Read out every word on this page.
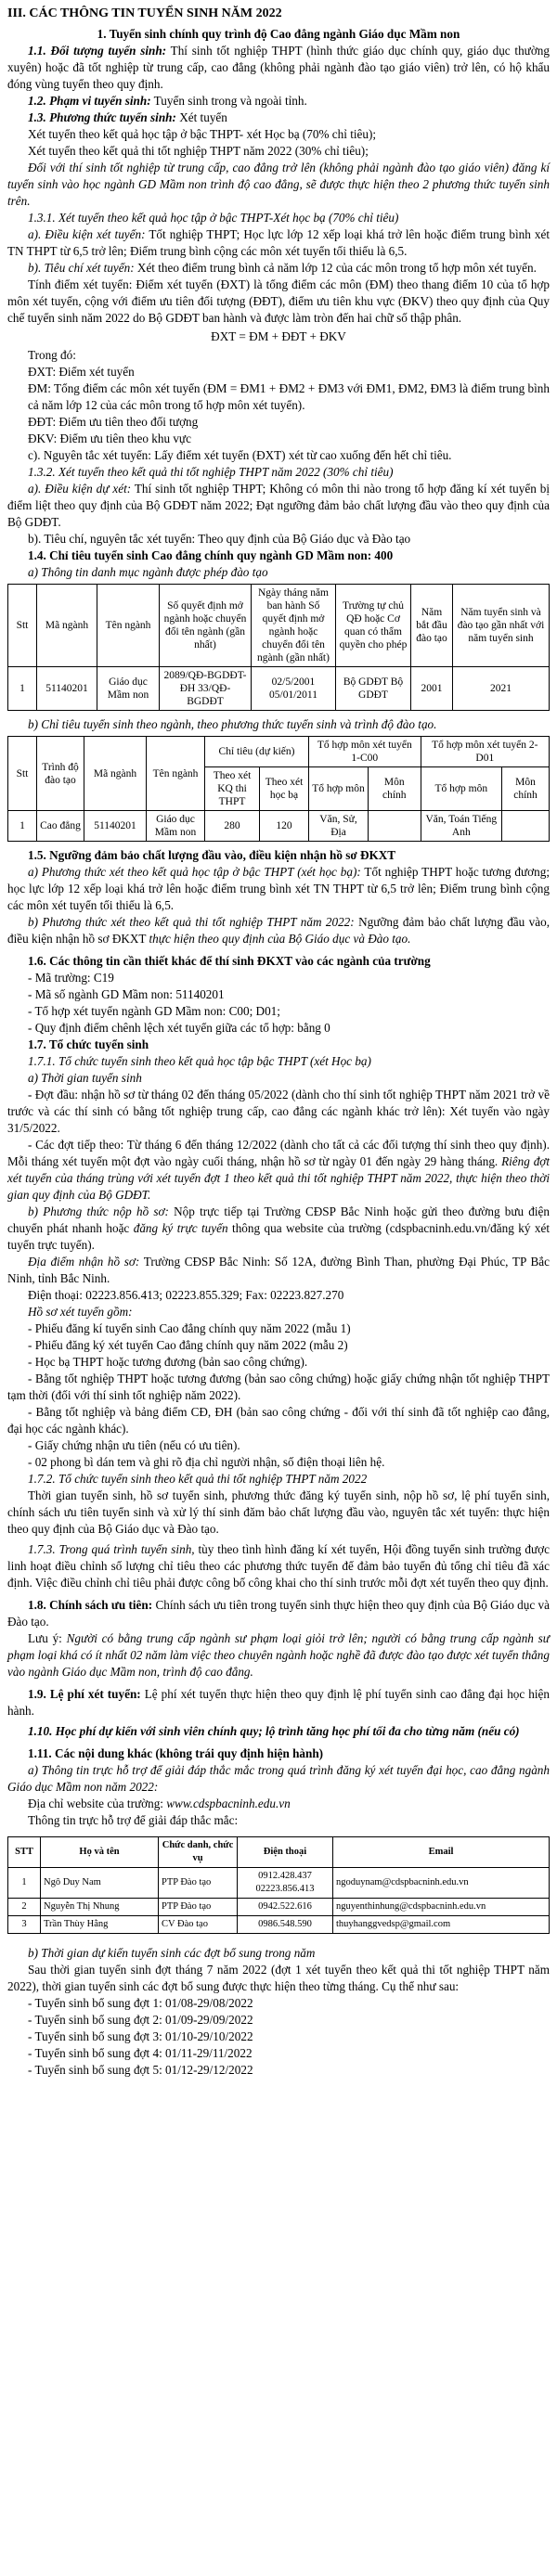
III. CÁC THÔNG TIN TUYỂN SINH NĂM 2022

1. Tuyển sinh chính quy trình độ Cao đẳng ngành Giáo dục Mầm non

1.1. Đối tượng tuyển sinh: Thí sinh tốt nghiệp THPT (hình thức giáo dục chính quy, giáo dục thường xuyên) hoặc đã tốt nghiệp từ trung cấp, cao đẳng (không phải ngành đào tạo giáo viên) trở lên, có hộ khẩu đóng vùng tuyển theo quy định.

1.2. Phạm vi tuyển sinh: Tuyển sinh trong và ngoài tỉnh.

1.3. Phương thức tuyển sinh: Xét tuyển

Xét tuyển theo kết quả học tập ở bậc THPT- xét Học bạ (70% chỉ tiêu);

Xét tuyển theo kết quả thi tốt nghiệp THPT năm 2022 (30% chỉ tiêu);

Đối với thí sinh tốt nghiệp từ trung cấp, cao đẳng trở lên (không phải ngành đào tạo giáo viên) đăng kí tuyển sinh vào học ngành GD Mầm non trình độ cao đẳng, sẽ được thực hiện theo 2 phương thức tuyển sinh trên.

1.3.1. Xét tuyển theo kết quả học tập ở bậc THPT-Xét học bạ (70% chỉ tiêu)

a). Điều kiện xét tuyển: Tốt nghiệp THPT; Học lực lớp 12 xếp loại khá trở lên hoặc điểm trung bình xét TN THPT từ 6,5 trở lên; Điểm trung bình cộng các môn xét tuyển tối thiểu là 6,5.

b). Tiêu chí xét tuyển: Xét theo điểm trung bình cả năm lớp 12 của các môn trong tổ hợp môn xét tuyển.

Tính điểm xét tuyển: Điểm xét tuyển (ĐXT) là tổng điểm các môn (ĐM) theo thang điểm 10 của tổ hợp môn xét tuyển, cộng với điểm ưu tiên đối tượng (ĐĐT), điểm ưu tiên khu vực (ĐKV) theo quy định của Quy chế tuyển sinh năm 2022 do Bộ GDĐT ban hành và được làm tròn đến hai chữ số thập phân.

ĐXT = ĐM + ĐĐT + ĐKV

Trong đó:

ĐXT: Điểm xét tuyển

ĐM: Tổng điểm các môn xét tuyển (ĐM = ĐM1 + ĐM2 + ĐM3 với ĐM1, ĐM2, ĐM3 là điểm trung bình cả năm lớp 12 của các môn trong tổ hợp môn xét tuyển).

ĐĐT: Điểm ưu tiên theo đối tượng

ĐKV: Điểm ưu tiên theo khu vực

c). Nguyên tắc xét tuyển: Lấy điểm xét tuyển (ĐXT) xét từ cao xuống đến hết chỉ tiêu.

1.3.2. Xét tuyển theo kết quả thi tốt nghiệp THPT năm 2022 (30% chỉ tiêu)

a). Điều kiện dự xét: Thí sinh tốt nghiệp THPT; Không có môn thi nào trong tổ hợp đăng kí xét tuyển bị điểm liệt theo quy định của Bộ GDĐT năm 2022; Đạt ngưỡng đảm bảo chất lượng đầu vào theo quy định của Bộ GDĐT.

b). Tiêu chí, nguyên tắc xét tuyển: Theo quy định của Bộ Giáo dục và Đào tạo

1.4. Chỉ tiêu tuyển sinh Cao đẳng chính quy ngành GD Mầm non: 400

a) Thông tin danh mục ngành được phép đào tạo

Stt	Mã ngành	Tên ngành	Số quyết định mở ngành hoặc chuyển đổi tên ngành (gần nhất)	Ngày tháng năm ban hành Số quyết định mở ngành hoặc chuyển đổi tên ngành (gần nhất)	Trường tự chủ QĐ hoặc Cơ quan có thẩm quyền cho phép	Năm bắt đầu đào tạo	Năm tuyển sinh và đào tạo gần nhất với năm tuyển sinh
1	51140201	Giáo dục Mầm non	2089/QĐ-BGDĐT-ĐH 33/QĐ-BGDĐT	02/5/2001 05/01/2011	Bộ GDĐT Bộ GDĐT	2001	2021

b) Chỉ tiêu tuyển sinh theo ngành, theo phương thức tuyển sinh và trình độ đào tạo.

Stt	Trình độ đào tạo	Mã ngành	Tên ngành	Chỉ tiêu (dự kiến)		Tổ hợp môn xét tuyển 1-C00		Tổ hợp môn xét tuyển 2- D01	
				Theo xét KQ thi THPT	Theo xét học bạ	Tổ hợp môn	Môn chính	Tổ hợp môn	Môn chính
1	Cao đẳng	51140201	Giáo dục Mầm non	280	120	Văn, Sử, Địa		Văn, Toán Tiếng Anh	

1.5. Ngưỡng đảm bảo chất lượng đầu vào, điều kiện nhận hồ sơ ĐKXT

a) Phương thức xét theo kết quả học tập ở bậc THPT (xét học bạ): Tốt nghiệp THPT hoặc tương đương; học lực lớp 12 xếp loại khá trở lên hoặc điểm trung bình xét TN THPT từ 6,5 trở lên; Điểm trung bình cộng các môn xét tuyển tối thiểu là 6,5.

b) Phương thức xét theo kết quả thi tốt nghiệp THPT năm 2022: Ngưỡng đảm bảo chất lượng đầu vào, điều kiện nhận hồ sơ ĐKXT thực hiện theo quy định của Bộ Giáo dục và Đào tạo.

1.6. Các thông tin cần thiết khác để thí sinh ĐKXT vào các ngành của trường

- Mã trường: C19

- Mã số ngành GD Mầm non: 51140201

- Tổ hợp xét tuyển ngành GD Mầm non: C00; D01;

- Quy định điểm chênh lệch xét tuyển giữa các tổ hợp: bằng 0

1.7. Tổ chức tuyển sinh

1.7.1. Tổ chức tuyển sinh theo kết quả học tập bậc THPT (xét Học bạ)

a) Thời gian tuyển sinh

- Đợt đầu: nhận hồ sơ từ tháng 02 đến tháng 05/2022 (dành cho thí sinh tốt nghiệp THPT năm 2021 trở về trước và các thí sinh có bằng tốt nghiệp trung cấp, cao đẳng các ngành khác trở lên): Xét tuyển vào ngày 31/5/2022.

- Các đợt tiếp theo: Từ tháng 6 đến tháng 12/2022 (dành cho tất cả các đối tượng thí sinh theo quy định). Mỗi tháng xét tuyển một đợt vào ngày cuối tháng, nhận hồ sơ từ ngày 01 đến ngày 29 hàng tháng. Riêng đợt xét tuyển của tháng trùng với xét tuyển đợt 1 theo kết quả thi tốt nghiệp THPT năm 2022, thực hiện theo thời gian quy định của Bộ GDĐT.

b) Phương thức nộp hồ sơ: Nộp trực tiếp tại Trường CĐSP Bắc Ninh hoặc gửi theo đường bưu điện chuyển phát nhanh hoặc đăng ký trực tuyến thông qua website của trường (cdspbacninh.edu.vn/đăng ký xét tuyển trực tuyến).

Địa điểm nhận hồ sơ: Trường CĐSP Bắc Ninh: Số 12A, đường Bình Than, phường Đại Phúc, TP Bắc Ninh, tỉnh Bắc Ninh.

Điện thoại: 02223.856.413; 02223.855.329; Fax: 02223.827.270

Hồ sơ xét tuyển gồm:

- Phiếu đăng kí tuyển sinh Cao đẳng chính quy năm 2022 (mẫu 1)

- Phiếu đăng ký xét tuyển Cao đẳng chính quy năm 2022 (mẫu 2)

- Học bạ THPT hoặc tương đương (bản sao công chứng).

- Bằng tốt nghiệp THPT hoặc tương đương (bản sao công chứng) hoặc giấy chứng nhận tốt nghiệp THPT tạm thời (đối với thí sinh tốt nghiệp năm 2022).

- Bằng tốt nghiệp và bảng điểm CĐ, ĐH (bản sao công chứng - đối với thí sinh đã tốt nghiệp cao đẳng, đại học các ngành khác).

- Giấy chứng nhận ưu tiên (nếu có ưu tiên).

- 02 phong bì dán tem và ghi rõ địa chỉ người nhận, số điện thoại liên hệ.

1.7.2. Tổ chức tuyển sinh theo kết quả thi tốt nghiệp THPT năm 2022

Thời gian tuyển sinh, hồ sơ tuyển sinh, phương thức đăng ký tuyển sinh, nộp hồ sơ, lệ phí tuyển sinh, chính sách ưu tiên tuyển sinh và xử lý thí sinh đăm bảo chất lượng đầu vào, nguyên tắc xét tuyển: thực hiện theo quy định của Bộ Giáo dục và Đào tạo.

1.7.3. Trong quá trình tuyển sinh, tùy theo tình hình đăng kí xét tuyển, Hội đồng tuyển sinh trường được linh hoạt điều chỉnh số lượng chỉ tiêu theo các phương thức tuyển để đảm bảo tuyển đủ tổng chỉ tiêu đã xác định. Việc điều chỉnh chỉ tiêu phải được công bố công khai cho thí sinh trước mỗi đợt xét tuyển theo quy định.

1.8. Chính sách ưu tiên: Chính sách ưu tiên trong tuyển sinh thực hiện theo quy định của Bộ Giáo dục và Đào tạo.

Lưu ý: Người có bằng trung cấp ngành sư phạm loại giỏi trở lên; người có bằng trung cấp ngành sư phạm loại khá có ít nhất 02 năm làm việc theo chuyên ngành hoặc nghề đã được đào tạo được xét tuyển thẳng vào ngành Giáo dục Mầm non, trình độ cao đẳng.

1.9. Lệ phí xét tuyển: Lệ phí xét tuyển thực hiện theo quy định lệ phí tuyển sinh cao đẳng đại học hiện hành.

1.10. Học phí dự kiến với sinh viên chính quy; lộ trình tăng học phí tối đa cho từng năm (nếu có)

1.11. Các nội dung khác (không trái quy định hiện hành)

a) Thông tin trực hỗ trợ để giải đáp thắc mắc trong quá trình đăng ký xét tuyển đại học, cao đẳng ngành Giáo dục Mầm non năm 2022:

Địa chỉ website của trường: www.cdspbacninh.edu.vn

Thông tin trực hỗ trợ để giải đáp thắc mắc:

STT	Họ và tên	Chức danh, chức vụ	Điện thoại	Email
1	Ngô Duy Nam	PTP Đào tạo	0912.428.437 02223.856.413	ngoduynam@cdspbacninh.edu.vn
2	Nguyễn Thị Nhung	PTP Đào tạo	0942.522.616	nguyenthinhung@cdspbacninh.edu.vn
3	Trần Thùy Hằng	CV Đào tạo	0986.548.590	thuyhanggvedsp@gmail.com

b) Thời gian dự kiến tuyển sinh các đợt bổ sung trong năm

Sau thời gian tuyển sinh đợt tháng 7 năm 2022 (đợt 1 xét tuyển theo kết quả thi tốt nghiệp THPT năm 2022), thời gian tuyển sinh các đợt bổ sung được thực hiện theo từng tháng. Cụ thể như sau:

- Tuyển sinh bổ sung đợt 1: 01/08-29/08/2022

- Tuyển sinh bổ sung đợt 2: 01/09-29/09/2022

- Tuyển sinh bổ sung đợt 3: 01/10-29/10/2022

- Tuyển sinh bổ sung đợt 4: 01/11-29/11/2022

- Tuyển sinh bổ sung đợt 5: 01/12-29/12/2022
